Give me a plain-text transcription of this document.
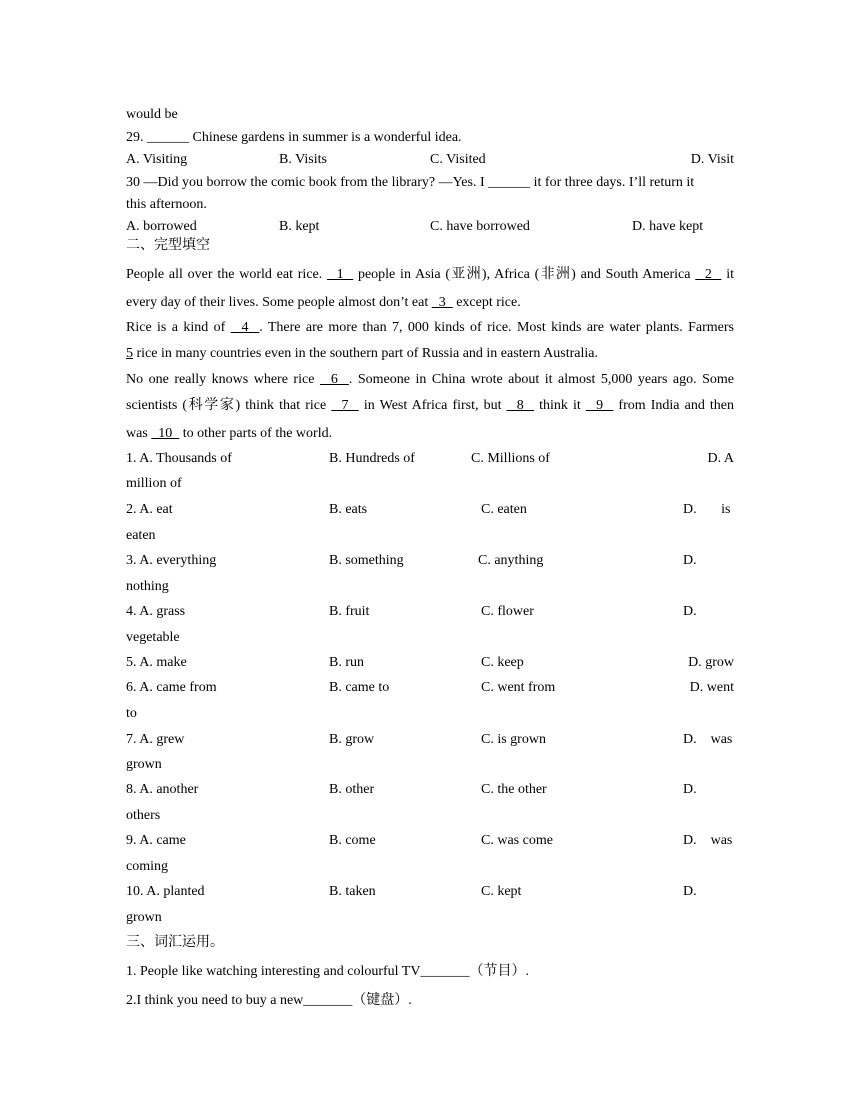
would be
29. ______ Chinese gardens in summer is a wonderful idea.
A. Visiting	B. Visits	C. Visited	D. Visit
30 —Did you borrow the comic book from the library? —Yes. I ______ it for three days. I’ll return it
this afternoon.
A. borrowed	B. kept	C. have borrowed	D. have kept
二、完型填空
People all over the world eat rice.   1   people in Asia (亚洲), Africa (非洲) and South America   2   it
every day of their lives. Some people almost don’t eat   3   except rice.
Rice is a kind of   4  . There are more than 7, 000 kinds of rice. Most kinds are water plants. Farmers
5 rice in many countries even in the southern part of Russia and in eastern Australia.
No one really knows where rice   6  . Someone in China wrote about it almost 5,000 years ago. Some
scientists (科学家) think that rice   7   in West Africa first, but   8   think it   9   from India and then
was   10   to other parts of the world.
1. A. Thousands of	B. Hundreds of	C. Millions of	D. A
million of
2. A. eat	B. eats	C. eaten	D.       is
eaten
3. A. everything	B. something	C. anything	D.
nothing
4. A. grass	B. fruit	C. flower	D.
vegetable
5. A. make	B. run	C. keep	D. grow
6. A. came from	B. came to	C. went from	D. went
to
7. A. grew	B. grow	C. is grown	D.    was
grown
8. A. another	B. other	C. the other	D.
others
9. A. came	B. come	C. was come	D.    was
coming
10. A. planted	B. taken	C. kept	D.
grown
三、词汇运用。
1. People like watching interesting and colourful TV_______（节目）.
2.I think you need to buy a new_______（键盘）.
